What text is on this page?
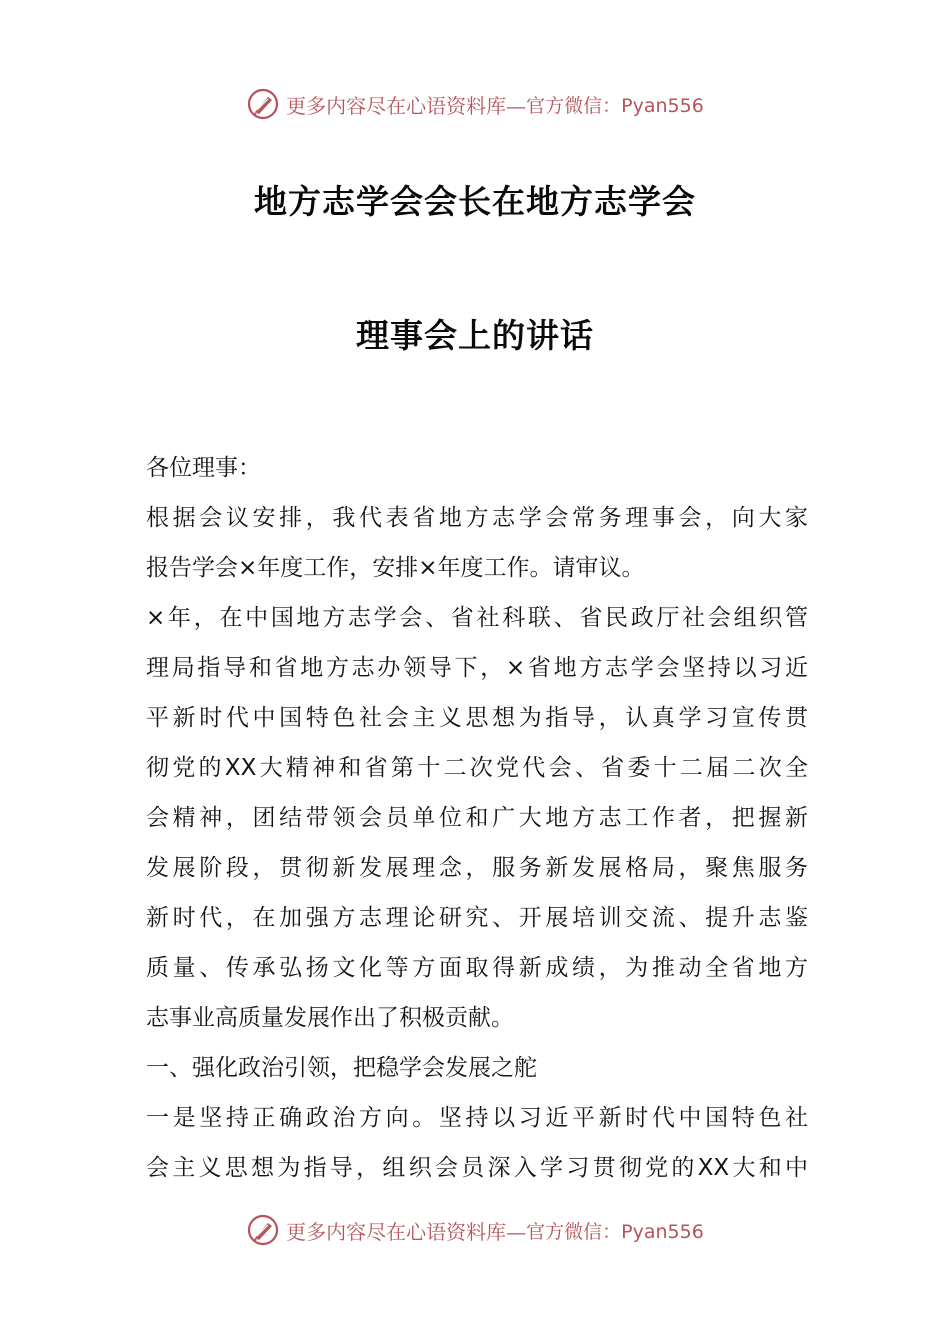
更多内容尽在心语资料库— 官方微信：Pyan556
地方志学会会长在地方志学会
理事会上的讲话
各位理事：
根据会议安排，我代表省地方志学会常务理事会，向大家
报告学会×年度工作，安排×年度工作。请审议。
×年，在中国地方志学会、省社科联、省民政厅社会组织管
理局指导和省地方志办领导下，×省地方志学会坚持以习近
平新时代中国特色社会主义思想为指导，认真学习宣传贯
彻党的XX大精神和省第十二次党代会、省委十二届二次全
会精神，团结带领会员单位和广大地方志工作者，把握新
发展阶段，贯彻新发展理念，服务新发展格局，聚焦服务
新时代，在加强方志理论研究、开展培训交流、提升志鉴
质量、传承弘扬文化等方面取得新成绩，为推动全省地方
志事业高质量发展作出了积极贡献。
一、强化政治引领，把稳学会发展之舵
一是坚持正确政治方向。坚持以习近平新时代中国特色社
会主义思想为指导，组织会员深入学习贯彻党的XX大和中
更多内容尽在心语资料库— 官方微信：Pyan556
